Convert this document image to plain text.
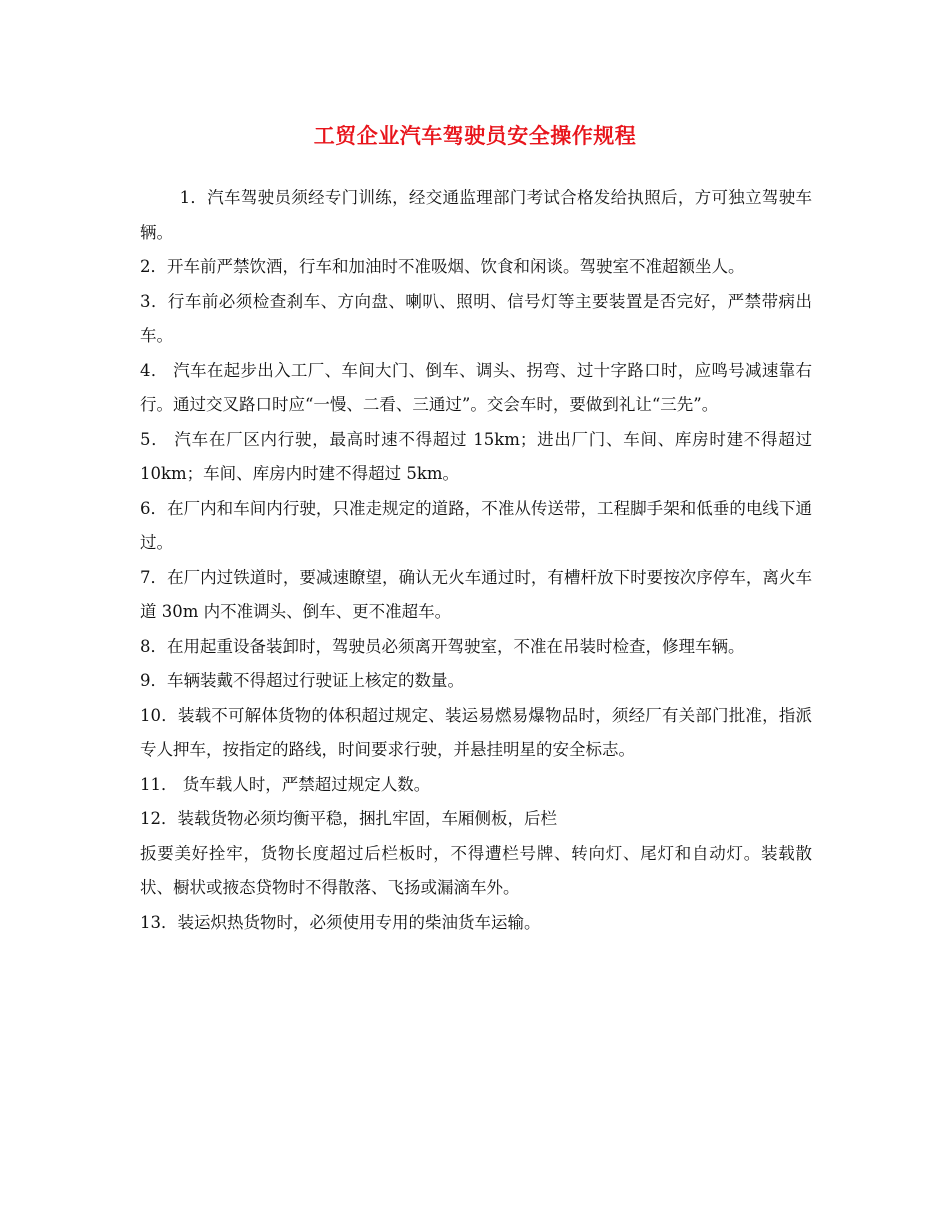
工贸企业汽车驾驶员安全操作规程

1．汽车驾驶员须经专门训练，经交通监理部门考试合格发给执照后，方可独立驾驶车辆。

2．开车前严禁饮酒，行车和加油时不准吸烟、饮食和闲谈。驾驶室不准超额坐人。

3．行车前必须检查刹车、方向盘、喇叭、照明、信号灯等主要装置是否完好，严禁带病出车。

4． 汽车在起步出入工厂、车间大门、倒车、调头、拐弯、过十字路口时，应鸣号减速靠右行。通过交叉路口时应“一慢、二看、三通过”。交会车时，要做到礼让“三先”。

5． 汽车在厂区内行驶，最高时速不得超过 15km；进出厂门、车间、库房时建不得超过 10km；车间、库房内时建不得超过 5km。

6．在厂内和车间内行驶，只准走规定的道路，不准从传送带，工程脚手架和低垂的电线下通过。

7．在厂内过铁道时，要减速瞭望，确认无火车通过时，有槽杆放下时要按次序停车，离火车道 30m 内不准调头、倒车、更不准超车。

8．在用起重设备装卸时，驾驶员必须离开驾驶室，不准在吊装时检查，修理车辆。

9．车辆装戴不得超过行驶证上核定的数量。

10．装载不可解体货物的体积超过规定、装运易燃易爆物品时，须经厂有关部门批准，指派专人押车，按指定的路线，时间要求行驶，并悬挂明星的安全标志。

11． 货车载人时，严禁超过规定人数。

12．装载货物必须均衡平稳，捆扎牢固，车厢侧板，后栏

扳要美好拴牢，货物长度超过后栏板时，不得遭栏号牌、转向灯、尾灯和自动灯。装载散状、橱状或掖态贷物时不得散落、飞扬或漏滴车外。

13．装运炽热货物时，必须使用专用的柴油货车运输。
